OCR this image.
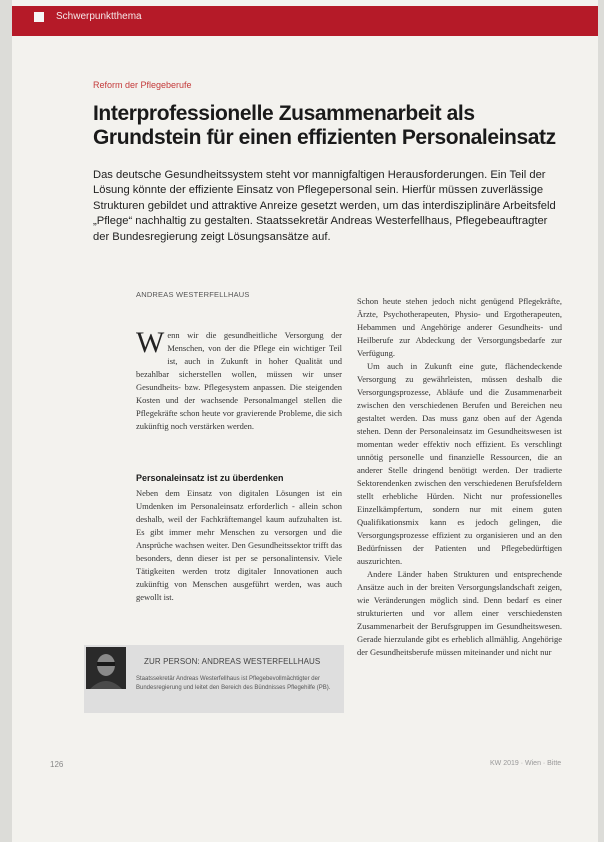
Schwerpunktthema
Reform der Pflegeberufe
Interprofessionelle Zusammenarbeit als
Grundstein für einen effizienten Personaleinsatz
Das deutsche Gesundheitssystem steht vor mannigfaltigen Herausforderungen. Ein Teil der Lösung könnte der effiziente Einsatz von Pflegepersonal sein. Hierfür müssen zuverlässige Strukturen gebildet und attraktive Anreize gesetzt werden, um das interdisziplinäre Arbeitsfeld „Pflege“ nachhaltig zu gestalten. Staatssekretär Andreas Westerfellhaus, Pflegebeauftragter der Bundesregierung zeigt Lösungsansätze auf.
ANDREAS WESTERFELLHAUS

W enn wir die gesundheitliche Versorgung der Menschen, von der die Pflege ein wichtiger Teil ist, auch in Zukunft in hoher Qualität und bezahlbar sicherstellen wollen, müssen wir unser Gesundheits- bzw. Pflegesystem anpassen. Die steigenden Kosten und der wachsende Personalmangel stellen die Pflegekräfte schon heute vor gravierende Probleme, die sich zukünftig noch verstärken werden.

Personaleinsatz ist zu überdenken

Neben dem Einsatz von digitalen Lösungen ist ein Umdenken im Personaleinsatz erforderlich - allein schon deshalb, weil der Fachkräftemangel kaum aufzuhalten ist. Es gibt immer mehr Menschen zu versorgen und die Ansprüche wachsen weiter. Den Gesundheitssektor trifft das besonders, denn dieser ist per se personalintensiv. Viele Tätigkeiten werden trotz digitaler Innovationen auch zukünftig von Menschen ausgeführt werden, was auch gewollt ist.

Schon heute stehen jedoch nicht genügend Pflegekräfte, Ärzte, Psychotherapeuten, Physio- und Ergotherapeuten, Hebammen und Angehörige anderer Gesundheits- und Heilberufe zur Abdeckung der Versorgungsbedarfe zur Verfügung.

Um auch in Zukunft eine gute, flächendeckende Versorgung zu gewährleisten, müssen deshalb die Versorgungsprozesse, Abläufe und die Zusammenarbeit zwischen den verschiedenen Berufen und Bereichen neu gestaltet werden. Das muss ganz oben auf der Agenda stehen. Denn der Personaleinsatz im Gesundheitswesen ist momentan weder effektiv noch effizient. Es verschlingt unnötig personelle und finanzielle Ressourcen, die an anderer Stelle dringend benötigt werden. Der tradierte Sektorendenken zwischen den verschiedenen Berufsfeldern stellt erhebliche Hürden. Nicht nur professionelles Einzelkämpfertum, sondern nur mit einem guten Qualifikationsmix kann es jedoch gelingen, die Versorgungsprozesse effizient zu organisieren und an den Bedürfnissen der Patienten und Pflegebedürftigen auszurichten.

Andere Länder haben Strukturen und entsprechende Ansätze auch in der breiten Versorgungslandschaft zeigen, wie Veränderungen möglich sind. Denn bedarf es einer strukturierten und vor allem einer verschiedensten Zusammenarbeit der Berufsgruppen im Gesundheitswesen. Gerade hierzulande gibt es erheblich allmählig. Angehörige der Gesundheitsberufe müssen miteinander und nicht nur

ZUR PERSON: ANDREAS WESTERFELLHAUS
Staatssekretär Andreas Westerfellhaus ist Pflegebevollmächtigter der Bundesregierung und leitet den Bereich des Bündnisses Pflegehilfe (PB).
126	KW 2019 · Wien · Bitte
